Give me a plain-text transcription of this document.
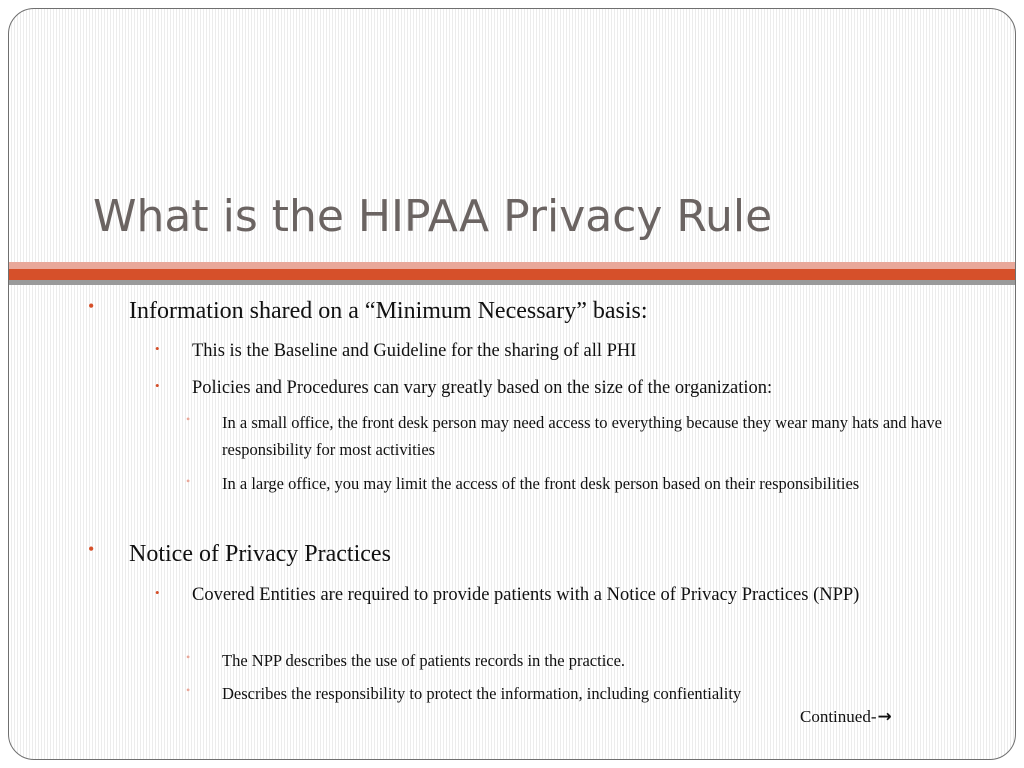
What is the HIPAA Privacy Rule
• Information shared on a “Minimum Necessary” basis:

• This is the Baseline and Guideline for the sharing of all PHI

• Policies and Procedures can vary greatly based on the size of the organization:

• In a small office, the front desk person may need access to everything because they wear many hats and have responsibility for most activities

• In a large office, you may limit the access of the front desk person based on their responsibilities

• Notice of Privacy Practices

• Covered Entities are required to provide patients with a Notice of Privacy Practices (NPP)

• The NPP describes the use of patients records in the practice.

• Describes the responsibility to protect the information, including confientiality

Continued-→
